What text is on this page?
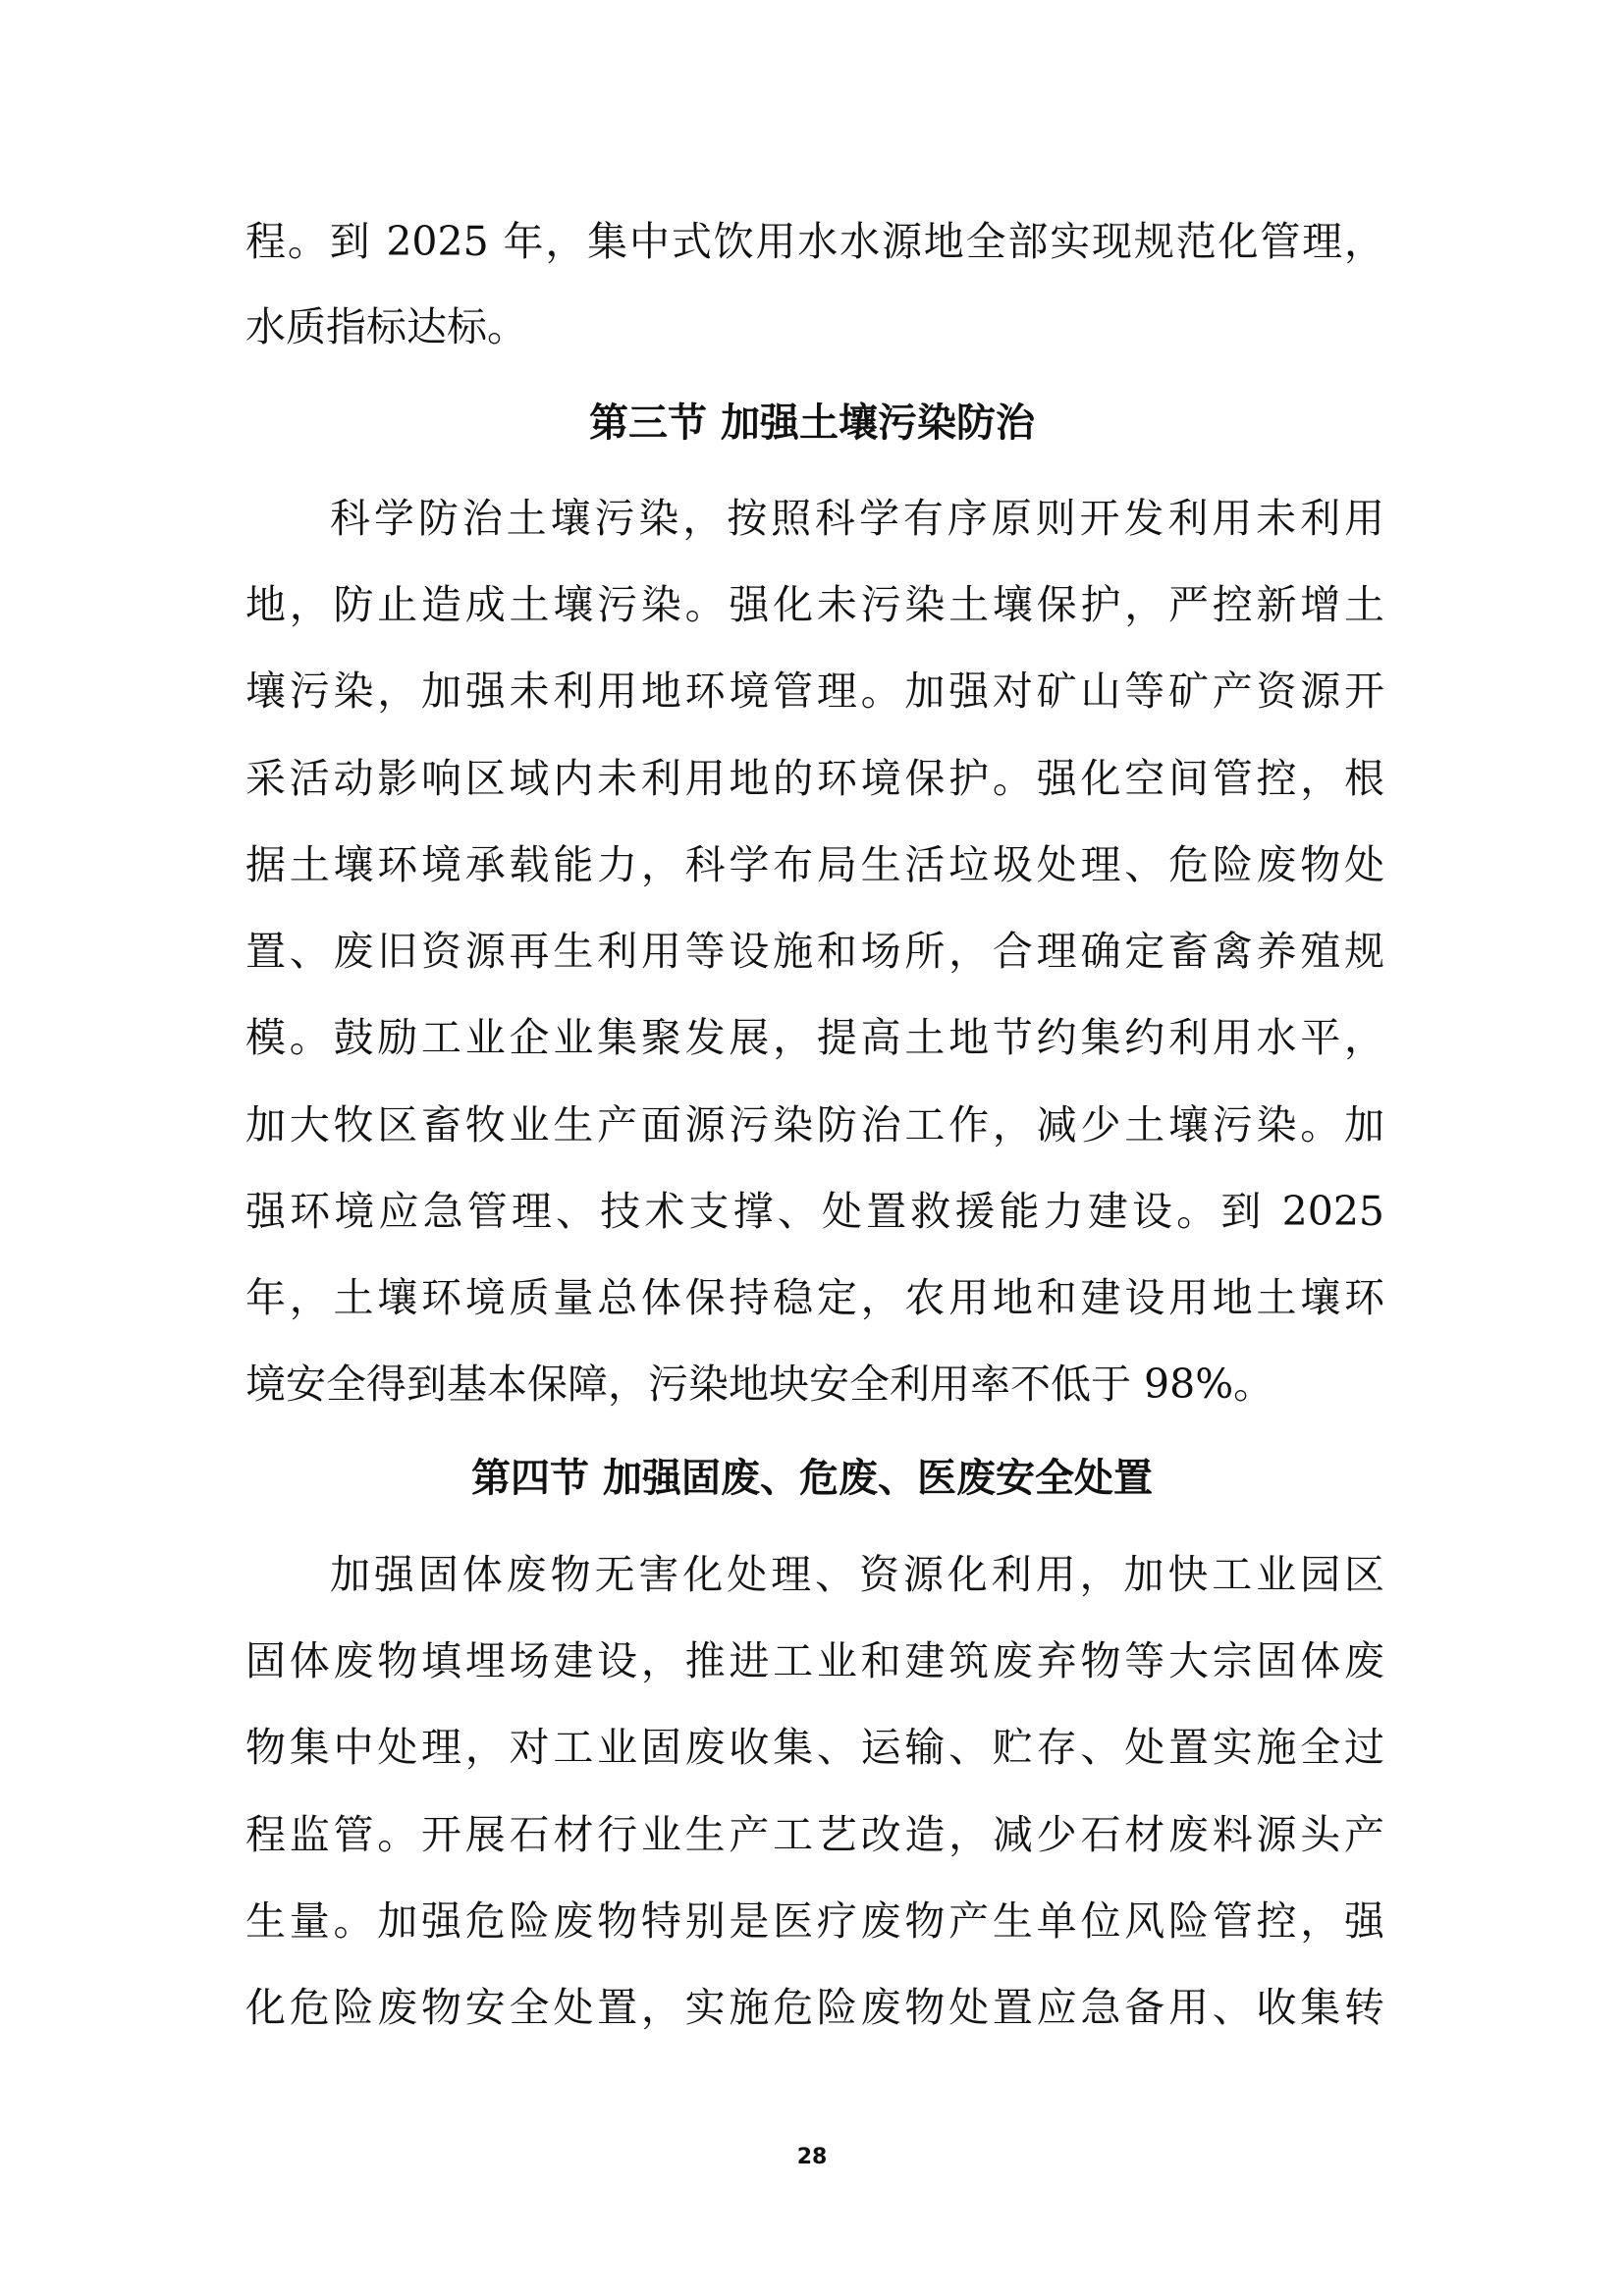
程。到 2025 年，集中式饮用水水源地全部实现规范化管理，

水质指标达标。

第三节 加强土壤污染防治

科学防治土壤污染，按照科学有序原则开发利用未利用

地，防止造成土壤污染。强化未污染土壤保护，严控新增土

壤污染，加强未利用地环境管理。加强对矿山等矿产资源开

采活动影响区域内未利用地的环境保护。强化空间管控，根

据土壤环境承载能力，科学布局生活垃圾处理、危险废物处

置、废旧资源再生利用等设施和场所，合理确定畜禽养殖规

模。鼓励工业企业集聚发展，提高土地节约集约利用水平，

加大牧区畜牧业生产面源污染防治工作，减少土壤污染。加

强环境应急管理、技术支撑、处置救援能力建设。到 2025

年，土壤环境质量总体保持稳定，农用地和建设用地土壤环

境安全得到基本保障，污染地块安全利用率不低于 98%。

第四节 加强固废、危废、医废安全处置

加强固体废物无害化处理、资源化利用，加快工业园区

固体废物填埋场建设，推进工业和建筑废弃物等大宗固体废

物集中处理，对工业固废收集、运输、贮存、处置实施全过

程监管。开展石材行业生产工艺改造，减少石材废料源头产

生量。加强危险废物特别是医疗废物产生单位风险管控，强

化危险废物安全处置，实施危险废物处置应急备用、收集转

28
